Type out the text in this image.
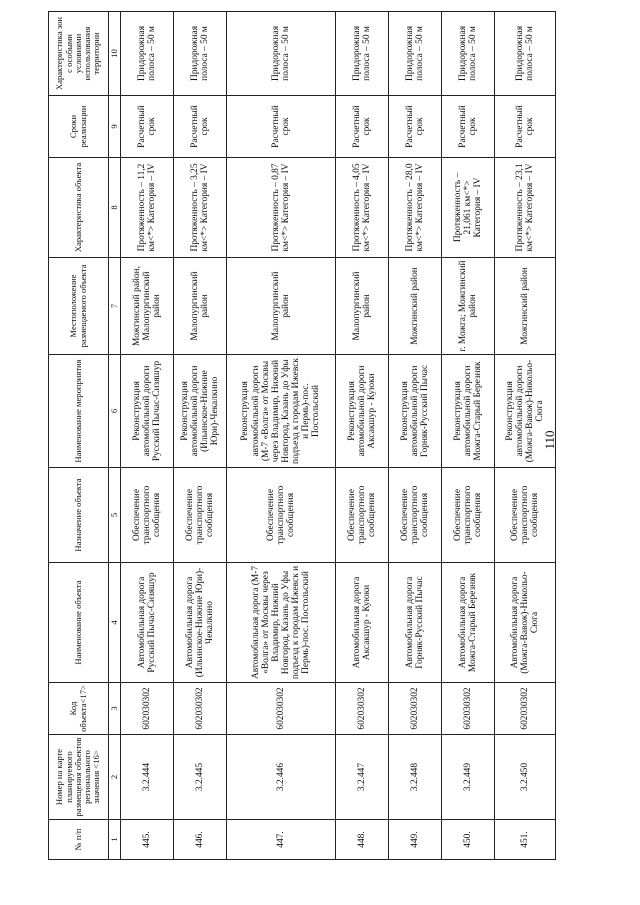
110
№ п/п	Номер на карте планируемого размещения объектов регионального значения <16>	Код объекта<17>	Наименование объекта	Назначение объекта	Наименование мероприятия	Местоположение размещаемого объекта	Характеристика объекта	Сроки реализации	Характеристика зон с особыми условиями использования территории
1	2	3	4	5	6	7	8	9	10
445.	3.2.444	602030302	Автомобильная дорога Русский Пычас-Сизяшур	Обеспечение транспортного сообщения	Реконструкция автомобильной дороги Русский Пычас-Сизяшур	Можгинский район, Малопургинский район	Протяженность – 11,2 км<*> Категория – IV	Расчетный срок	Придорожная полоса – 50 м
446.	3.2.445	602030302	Автомобильная дорога (Ильинское-Нижние Юри)-Чекалкино	Обеспечение транспортного сообщения	Реконструкция автомобильной дороги (Ильинское-Нижние Юри)-Чекалкино	Малопургинский район	Протяженность – 3,25 км<*> Категория – IV	Расчетный срок	Придорожная полоса – 50 м
447.	3.2.446	602030302	Автомобильная дорога (М-7 «Волга» от Москвы через Владимир, Нижний Новгород, Казань до Уфы подъезд к городам Ижевск и Пермь)-пос. Постольский	Обеспечение транспортного сообщения	Реконструкция автомобильной дороги (М-7 «Волга» от Москвы через Владимир, Нижний Новгород, Казань до Уфы подъезд к городам Ижевск и Пермь)-пос. Постольский	Малопургинский район	Протяженность – 0,87 км<*> Категория – IV	Расчетный срок	Придорожная полоса – 50 м
448.	3.2.447	602030302	Автомобильная дорога Аксакшур - Куюки	Обеспечение транспортного сообщения	Реконструкция автомобильной дороги Аксакшур - Куюки	Малопургинский район	Протяженность – 4,05 км<*> Категория – IV	Расчетный срок	Придорожная полоса – 50 м
449.	3.2.448	602030302	Автомобильная дорога Горняк-Русский Пычас	Обеспечение транспортного сообщения	Реконструкция автомобильной дороги Горняк-Русский Пычас	Можгинский район	Протяженность – 28,0 км<*> Категория – IV	Расчетный срок	Придорожная полоса – 50 м
450.	3.2.449	602030302	Автомобильная дорога Можга-Старый Березняк	Обеспечение транспортного сообщения	Реконструкция автомобильной дороги Можга-Старый Березняк	г. Можга; Можгинский район	Протяженность – 21,061 км<*> Категория – IV	Расчетный срок	Придорожная полоса – 50 м
451.	3.2.450	602030302	Автомобильная дорога (Можга-Вавож)-Никольо-Сюга	Обеспечение транспортного сообщения	Реконструкция автомобильной дороги (Можга-Вавож)-Никольо-Сюга	Можгинский район	Протяженность – 23,1 км<*> Категория – IV	Расчетный срок	Придорожная полоса – 50 м
